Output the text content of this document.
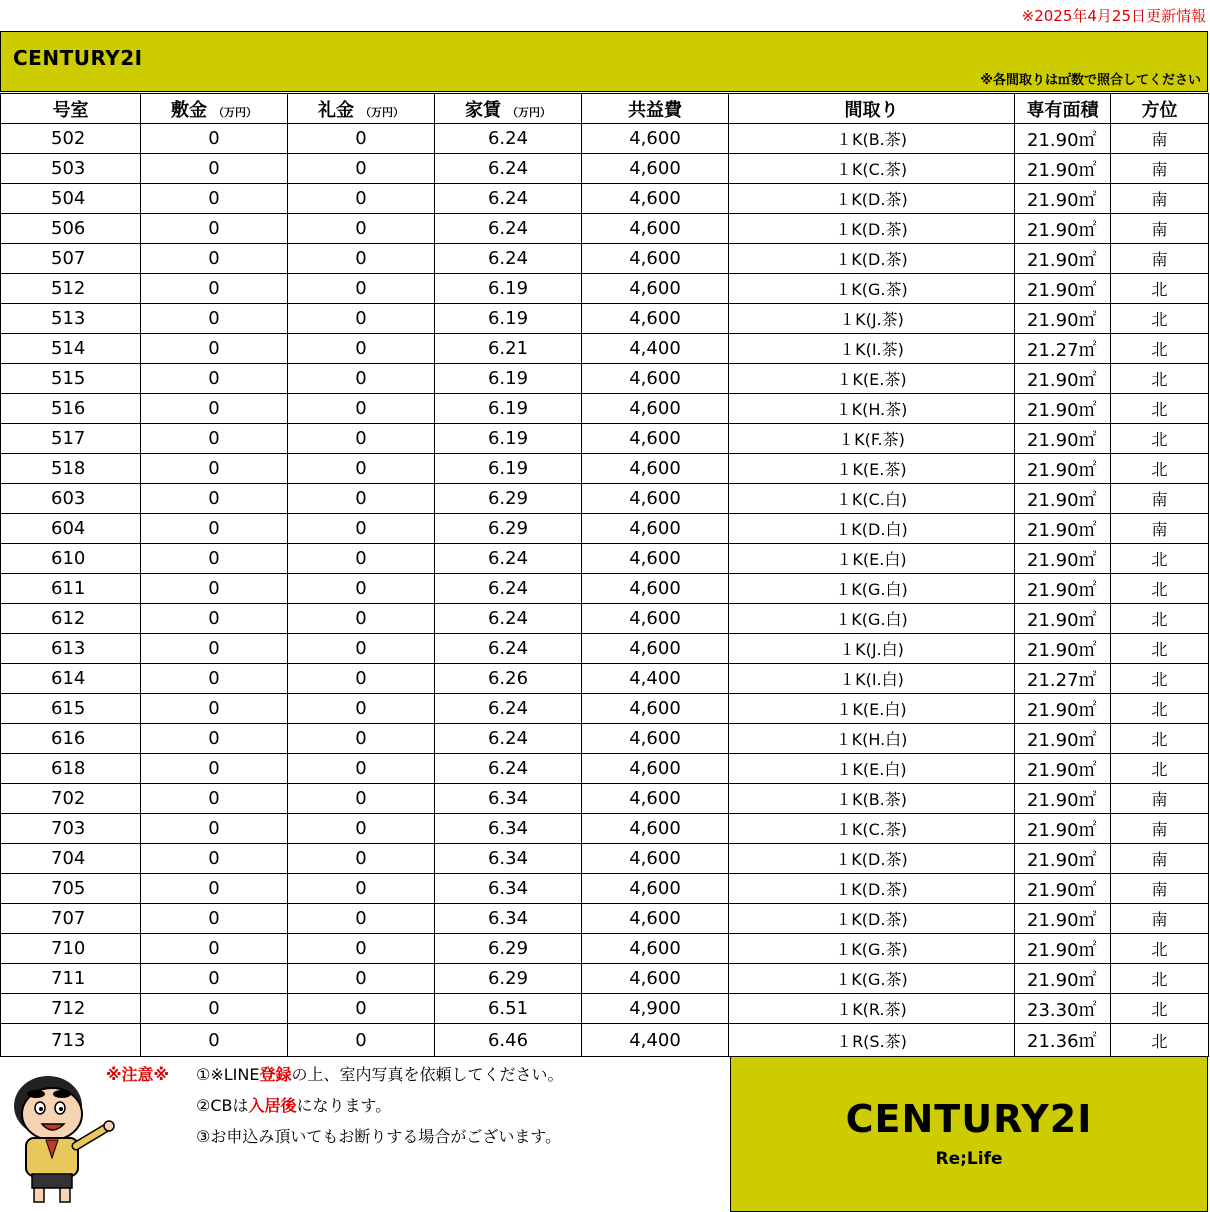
※2025年4月25日更新情報
CENTURY2Ⅰ
※各間取りは㎡数で照合してください
号室	敷金 （万円）	礼金 （万円）	家賃 （万円）	共益費	間取り	専有面積	方位
502	0	0	6.24	4,600	１K(B.茶)	21.90㎡	南
503	0	0	6.24	4,600	１K(C.茶)	21.90㎡	南
504	0	0	6.24	4,600	１K(D.茶)	21.90㎡	南
506	0	0	6.24	4,600	１K(D.茶)	21.90㎡	南
507	0	0	6.24	4,600	１K(D.茶)	21.90㎡	南
512	0	0	6.19	4,600	１K(G.茶)	21.90㎡	北
513	0	0	6.19	4,600	１K(J.茶)	21.90㎡	北
514	0	0	6.21	4,400	１K(I.茶)	21.27㎡	北
515	0	0	6.19	4,600	１K(E.茶)	21.90㎡	北
516	0	0	6.19	4,600	１K(H.茶)	21.90㎡	北
517	0	0	6.19	4,600	１K(F.茶)	21.90㎡	北
518	0	0	6.19	4,600	１K(E.茶)	21.90㎡	北
603	0	0	6.29	4,600	１K(C.白)	21.90㎡	南
604	0	0	6.29	4,600	１K(D.白)	21.90㎡	南
610	0	0	6.24	4,600	１K(E.白)	21.90㎡	北
611	0	0	6.24	4,600	１K(G.白)	21.90㎡	北
612	0	0	6.24	4,600	１K(G.白)	21.90㎡	北
613	0	0	6.24	4,600	１K(J.白)	21.90㎡	北
614	0	0	6.26	4,400	１K(I.白)	21.27㎡	北
615	0	0	6.24	4,600	１K(E.白)	21.90㎡	北
616	0	0	6.24	4,600	１K(H.白)	21.90㎡	北
618	0	0	6.24	4,600	１K(E.白)	21.90㎡	北
702	0	0	6.34	4,600	１K(B.茶)	21.90㎡	南
703	0	0	6.34	4,600	１K(C.茶)	21.90㎡	南
704	0	0	6.34	4,600	１K(D.茶)	21.90㎡	南
705	0	0	6.34	4,600	１K(D.茶)	21.90㎡	南
707	0	0	6.34	4,600	１K(D.茶)	21.90㎡	南
710	0	0	6.29	4,600	１K(G.茶)	21.90㎡	北
711	0	0	6.29	4,600	１K(G.茶)	21.90㎡	北
712	0	0	6.51	4,900	１K(R.茶)	23.30㎡	北
713	0	0	6.46	4,400	１R(S.茶)	21.36㎡	北
※注意※ ①※LINE登録の上、室内写真を依頼してください。
②CBは入居後になります。
③お申込み頂いてもお断りする場合がございます。	CENTURY2Ⅰ
Re;Life
